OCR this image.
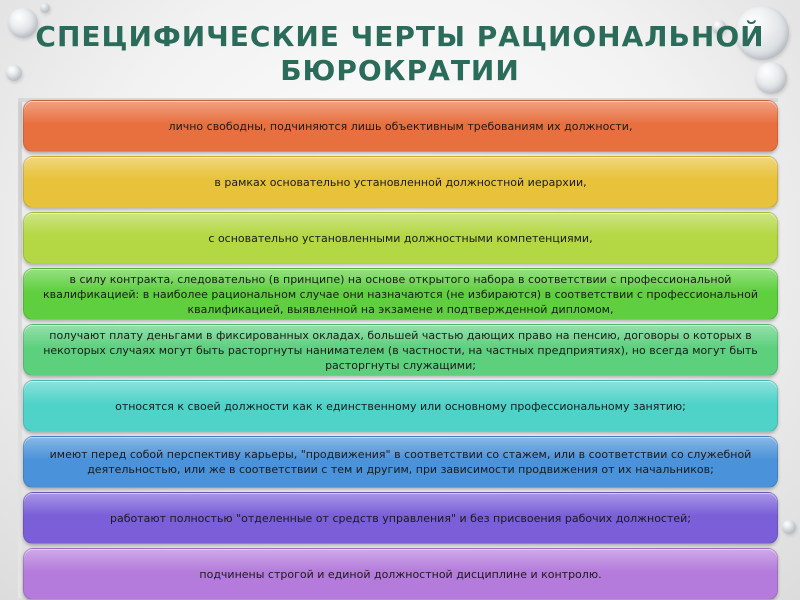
СПЕЦИФИЧЕСКИЕ ЧЕРТЫ РАЦИОНАЛЬНОЙ
БЮРОКРАТИИ
лично свободны, подчиняются лишь объективным требованиям их должности,
в рамках основательно установленной должностной иерархии,
с основательно установленными должностными компетенциями,
в силу контракта, следовательно (в принципе) на основе открытого набора в соответствии с профессиональной квалификацией: в наиболее рациональном случае они назначаются (не избираются) в соответствии с профессиональной квалификацией, выявленной на экзамене и подтвержденной дипломом,
получают плату деньгами в фиксированных окладах, большей частью дающих право на пенсию, договоры о которых в некоторых случаях могут быть расторгнуты нанимателем (в частности, на частных предприятиях), но всегда могут быть расторгнуты служащими;
относятся к своей должности как к единственному или основному профессиональному занятию;
имеют перед собой перспективу карьеры, "продвижения" в соответствии со стажем, или в соответствии со служебной деятельностью, или же в соответствии с тем и другим, при зависимости продвижения от их начальников;
работают полностью "отделенные от средств управления" и без присвоения рабочих должностей;
подчинены строгой и единой должностной дисциплине и контролю.
